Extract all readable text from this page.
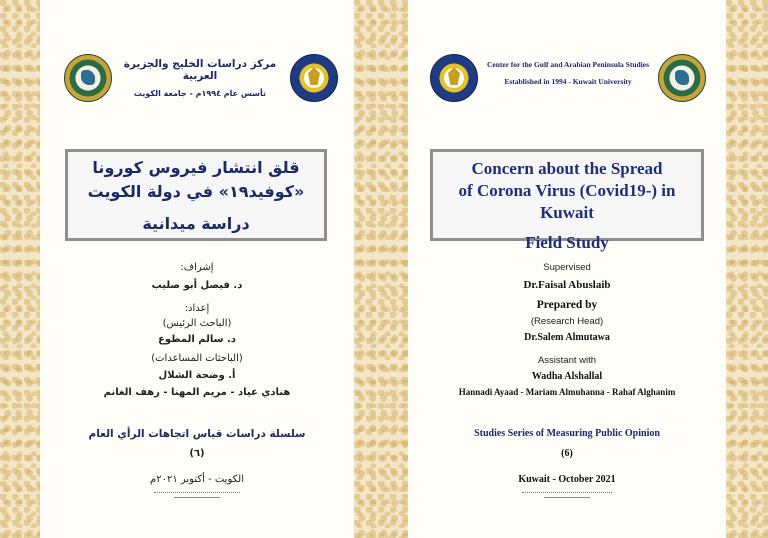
مركز دراسات الخليج والجزيرة العربية
تأسس عام ١٩٩٤م - جامعة الكويت
قلق انتشار فيروس كورونا
«كوفيد١٩» في دولة الكويت
دراسة ميدانية
إشراف:
د. فيصل أبو صليب
إعداد:
(الباحث الرئيس)
د. سالم المطوع
(الباحثات المساعدات)
أ. وضحة الشلال
هنادي عياد - مريم المهنا - رهف الغانم
سلسلة دراسات قياس اتجاهات الرأي العام
(٦)
الكويت - أكتوبر ٢٠٢١م
Center for the Gulf and Arabian Peninsula Studies
Established in 1994 - Kuwait University
Concern about the Spread
of Corona Virus (Covid19-) in Kuwait
Field Study
Supervised
Dr.Faisal Abuslaib
Prepared by
(Research Head)
Dr.Salem Almutawa
Assistant with
Wadha Alshallal
Hannadi Ayaad - Mariam Almuhanna - Rahaf Alghanim
Studies Series of Measuring Public Opinion
(6)
Kuwait - October 2021
